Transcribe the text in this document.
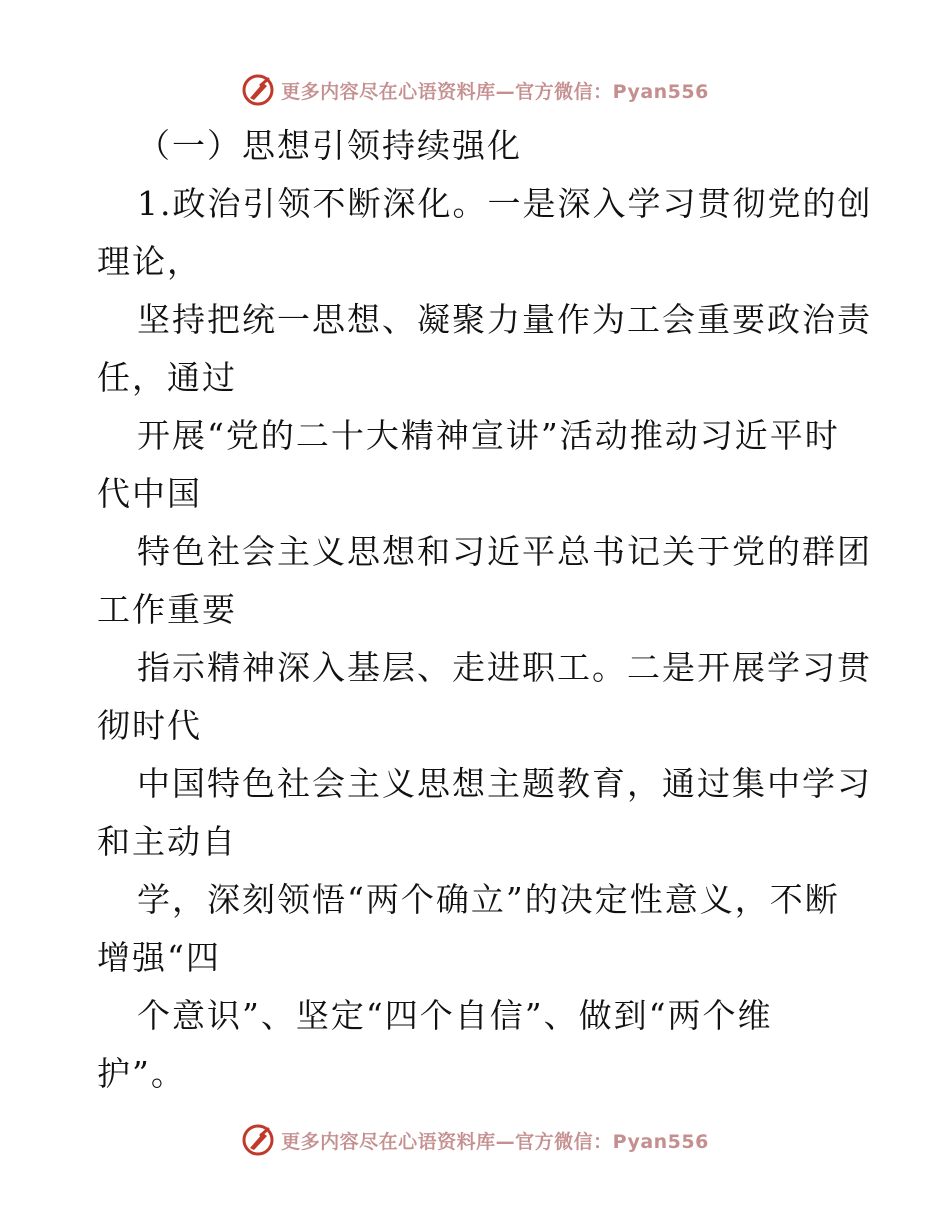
更多内容尽在心语资料库—官方微信：Pyan556
（一）思想引领持续强化
1.政治引领不断深化。一是深入学习贯彻党的创
理论，
坚持把统一思想、凝聚力量作为工会重要政治责
任，通过
开展“党的二十大精神宣讲”活动推动习近平时
代中国
特色社会主义思想和习近平总书记关于党的群团
工作重要
指示精神深入基层、走进职工。二是开展学习贯
彻时代
中国特色社会主义思想主题教育，通过集中学习
和主动自
学，深刻领悟“两个确立”的决定性意义，不断
增强“四
个意识”、坚定“四个自信”、做到“两个维
护”。
更多内容尽在心语资料库—官方微信：Pyan556
